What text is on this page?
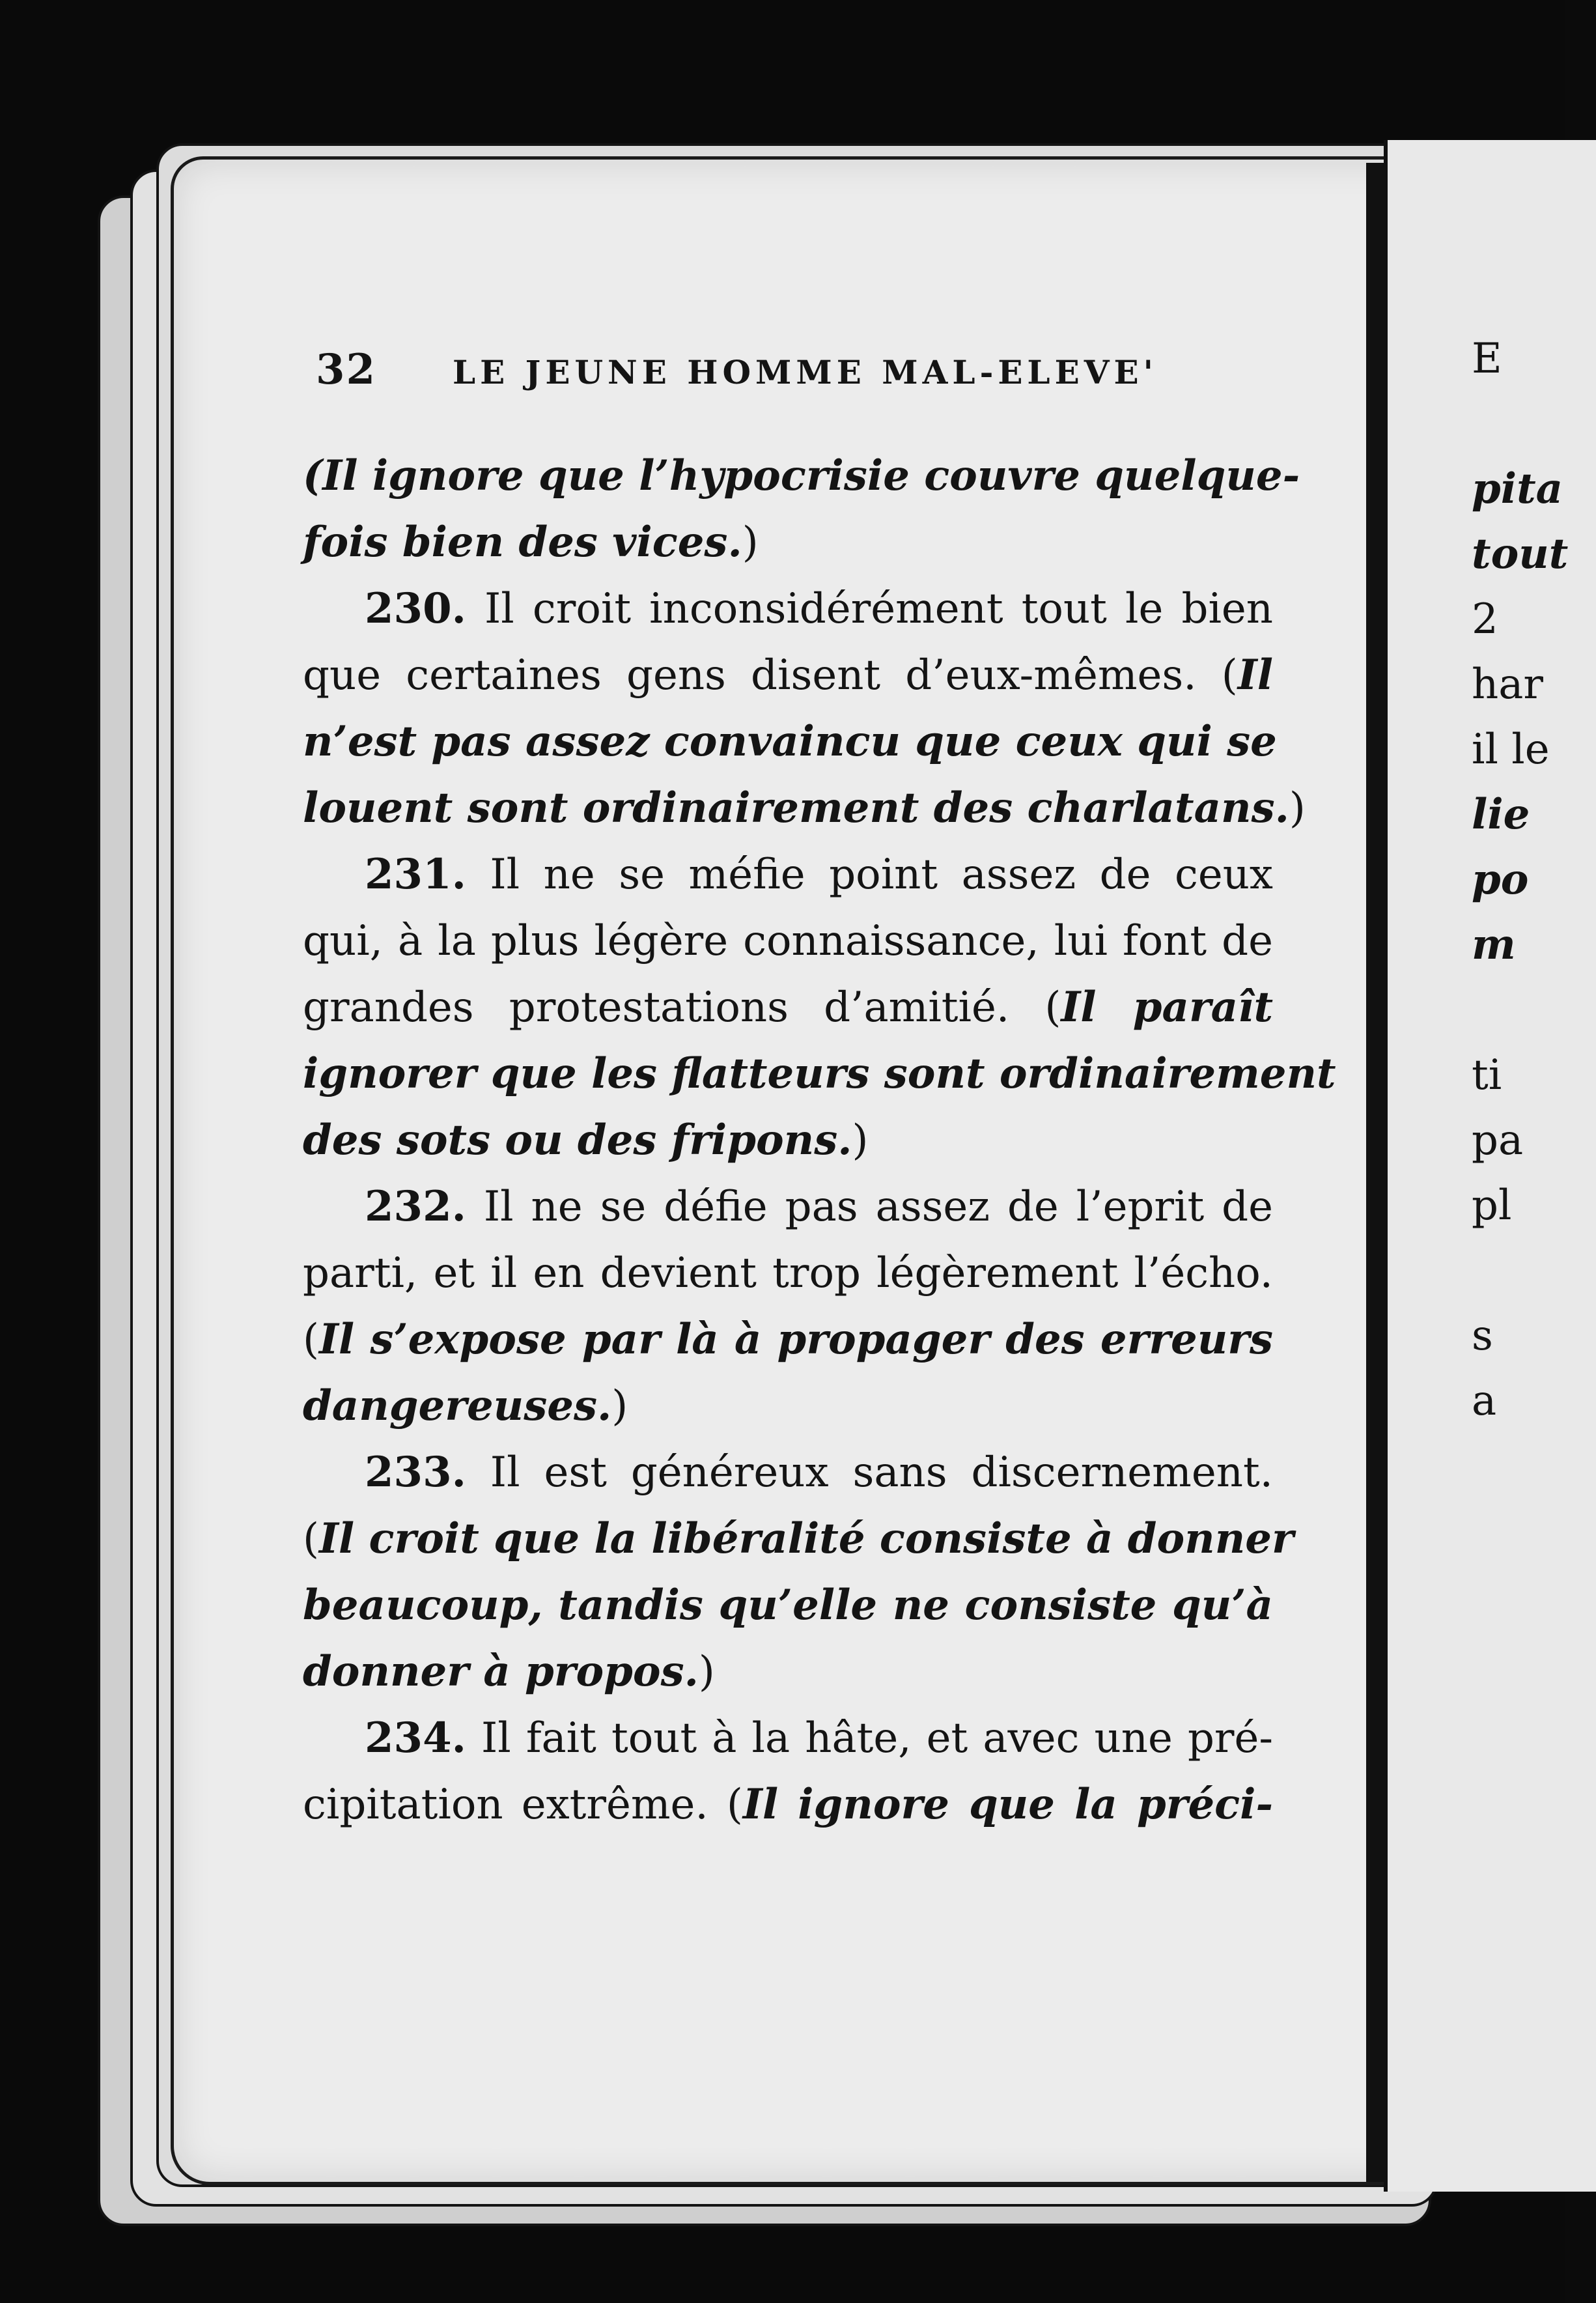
32 LE JEUNE HOMME MAL-ELEVE'
(Il ignore que l’hypocrisie couvre quelque-
fois bien des vices.)
230. Il croit inconsidérément tout le bien
que certaines gens disent d’eux-mêmes. (Il
n’est pas assez convaincu que ceux qui se
louent sont ordinairement des charlatans.)
231. Il ne se méfie point assez de ceux
qui, à la plus légère connaissance, lui font de
grandes protestations d’amitié. (Il paraît
ignorer que les flatteurs sont ordinairement
des sots ou des fripons.)
232. Il ne se défie pas assez de l’eprit de
parti, et il en devient trop légèrement l’écho.
(Il s’expose par là à propager des erreurs
dangereuses.)
233. Il est généreux sans discernement.
(Il croit que la libéralité consiste à donner
beaucoup, tandis qu’elle ne consiste qu’à
donner à propos.)
234. Il fait tout à la hâte, et avec une pré-
cipitation extrême. (Il ignore que la préci-
E
pita
tout
2
har
il le
lie
po
m
ti
pa
pl
s
a
